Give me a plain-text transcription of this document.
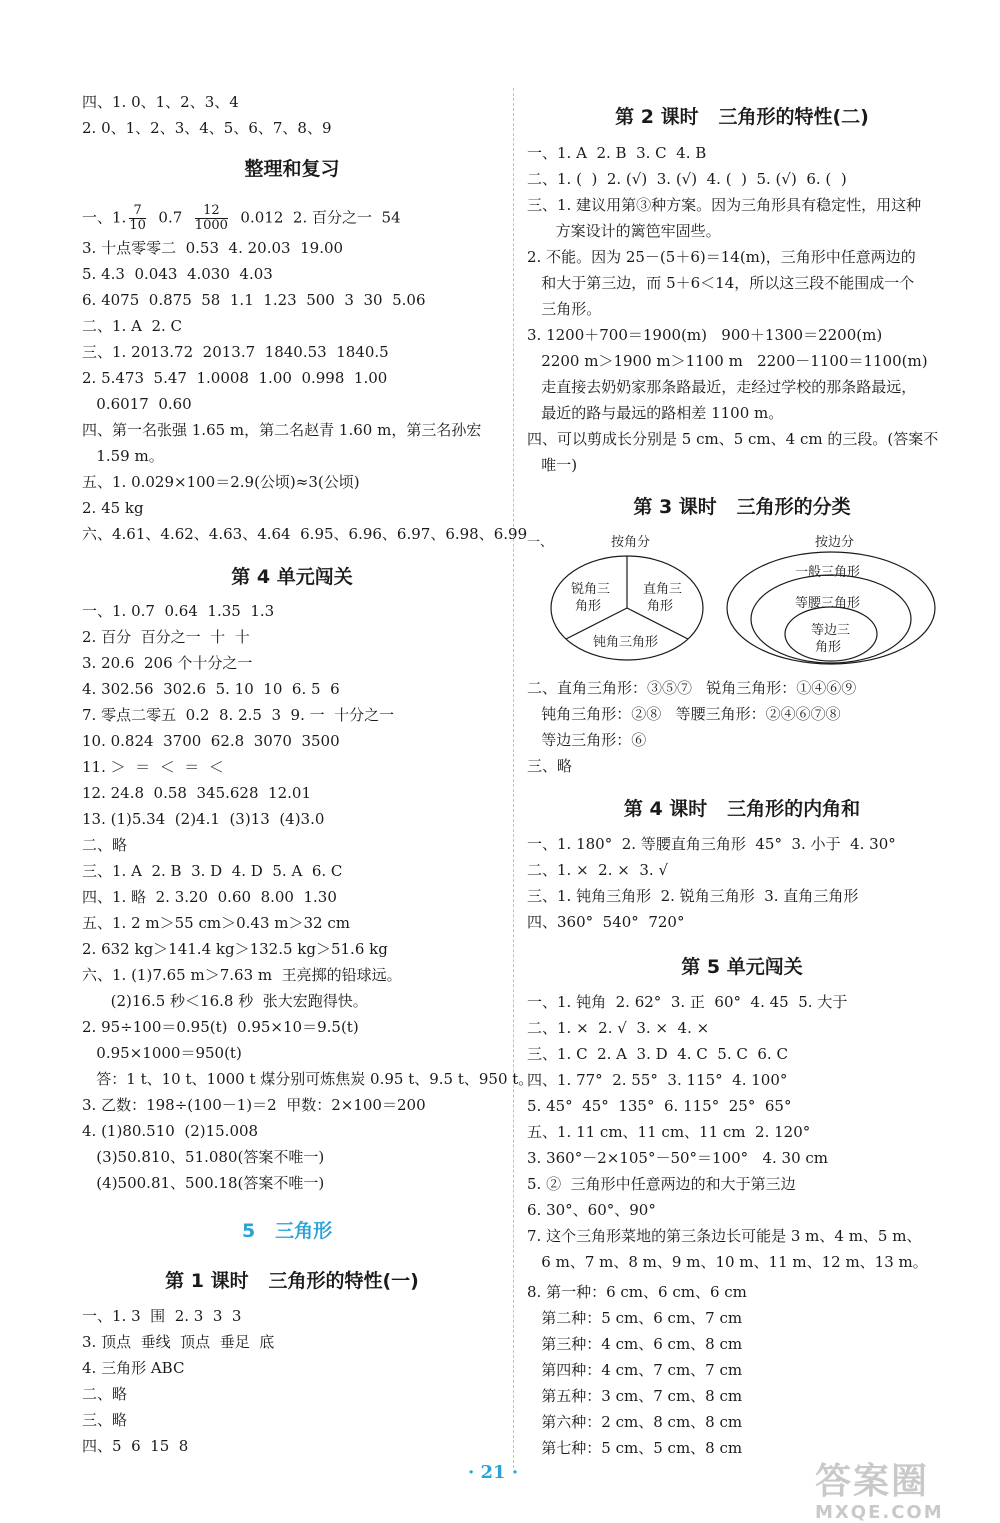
四、1. 0、1、2、3、4
2. 0、1、2、3、4、5、6、7、8、9
整理和复习
一、1. $\frac{7}{10} 0.7 \frac{12}{1000} 0.012$  2. 百分之一  54
3. 十点零零二  0.53  4. 20.03  19.00
5. 4.3  0.043  4.030  4.03
6. 4075  0.875  58  1.1  1.23  500  3  30  5.06
二、1. A  2. C
三、1. 2013.72  2013.7  1840.53  1840.5
2. 5.473  5.47  1.0008  1.00  0.998  1.00
0.6017  0.60
四、第一名张强 1.65 m，第二名赵青 1.60 m，第三名孙宏
1.59 m。
五、1. 0.029×100＝2.9(公顷)≈3(公顷)
2. 45 kg
六、4.61、4.62、4.63、4.64  6.95、6.96、6.97、6.98、6.99
第 4 单元闯关
一、1. 0.7  0.64  1.35  1.3
2. 百分  百分之一  十  十
3. 20.6  206 个十分之一
4. 302.56  302.6  5. 10  10  6. 5  6
7. 零点二零五  0.2  8. 2.5  3  9. 一  十分之一
10. 0.824  3700  62.8  3070  3500
11. ＞  ＝  ＜  ＝  ＜
12. 24.8  0.58  345.628  12.01
13. (1)5.34  (2)4.1  (3)13  (4)3.0
二、略
三、1. A  2. B  3. D  4. D  5. A  6. C
四、1. 略  2. 3.20  0.60  8.00  1.30
五、1. 2 m＞55 cm＞0.43 m＞32 cm
2. 632 kg＞141.4 kg＞132.5 kg＞51.6 kg
六、1. (1)7.65 m＞7.63 m  王亮掷的铅球远。
(2)16.5 秒＜16.8 秒  张大宏跑得快。
2. 95÷100＝0.95(t)  0.95×10＝9.5(t)
0.95×1000＝950(t)
答：1 t、10 t、1000 t 煤分别可炼焦炭 0.95 t、9.5 t、950 t。
3. 乙数：198÷(100－1)＝2  甲数：2×100＝200
4. (1)80.510  (2)15.008
(3)50.810、51.080(答案不唯一)
(4)500.81、500.18(答案不唯一)
5   三角形
第 1 课时   三角形的特性(一)
一、1. 3  围  2. 3  3  3
3. 顶点  垂线  顶点  垂足  底
4. 三角形 ABC
二、略
三、略
四、5  6  15  8
第 2 课时   三角形的特性(二)
一、1. A  2. B  3. C  4. B
二、1. (  )  2. (√)  3. (√)  4. (  )  5. (√)  6. (  )
三、1. 建议用第③种方案。因为三角形具有稳定性，用这种
方案设计的篱笆牢固些。
2. 不能。因为 25－(5＋6)＝14(m)，三角形中任意两边的
和大于第三边，而 5＋6＜14，所以这三段不能围成一个
三角形。
3. 1200＋700＝1900(m)   900＋1300＝2200(m)
2200 m＞1900 m＞1100 m   2200－1100＝1100(m)
走直接去奶奶家那条路最近，走经过学校的那条路最远，
最近的路与最远的路相差 1100 m。
四、可以剪成长分别是 5 cm、5 cm、4 cm 的三段。(答案不
唯一)
第 3 课时   三角形的分类
一、	按角分
锐角三
角形
直角三
角形
钝角三角形
按边分
一般三角形
等腰三角形
等边三
角形
二、直角三角形：③⑤⑦   锐角三角形：①④⑥⑨
钝角三角形：②⑧   等腰三角形：②④⑥⑦⑧
等边三角形：⑥
三、略
第 4 课时   三角形的内角和
一、1. 180°  2. 等腰直角三角形  45°  3. 小于  4. 30°
二、1. ×  2. ×  3. √
三、1. 钝角三角形  2. 锐角三角形  3. 直角三角形
四、360°  540°  720°
第 5 单元闯关
一、1. 钝角  2. 62°  3. 正  60°  4. 45  5. 大于
二、1. ×  2. √  3. ×  4. ×
三、1. C  2. A  3. D  4. C  5. C  6. C
四、1. 77°  2. 55°  3. 115°  4. 100°
5. 45°  45°  135°  6. 115°  25°  65°
五、1. 11 cm、11 cm、11 cm  2. 120°
3. 360°－2×105°－50°＝100°   4. 30 cm
5. ②  三角形中任意两边的和大于第三边
6. 30°、60°、90°
7. 这个三角形菜地的第三条边长可能是 3 m、4 m、5 m、
6 m、7 m、8 m、9 m、10 m、11 m、12 m、13 m。
8. 第一种：6 cm、6 cm、6 cm
第二种：5 cm、6 cm、7 cm
第三种：4 cm、6 cm、8 cm
第四种：4 cm、7 cm、7 cm
第五种：3 cm、7 cm、8 cm
第六种：2 cm、8 cm、8 cm
第七种：5 cm、5 cm、8 cm
· 21 ·	答案圈
MXQE.COM
